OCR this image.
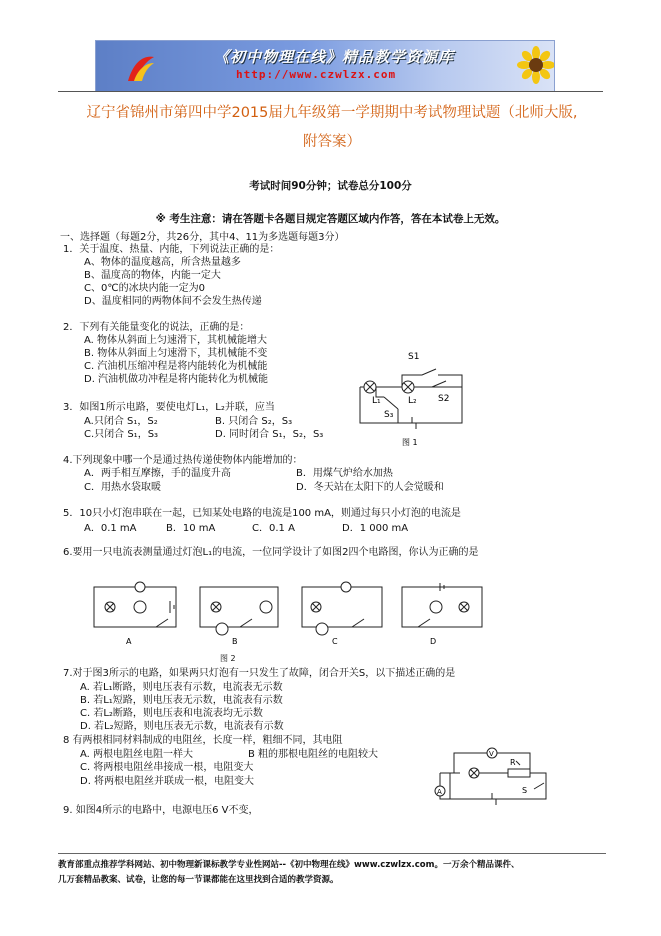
《初中物理在线》精品教学资源库
http://www.czwlzx.com
辽宁省锦州市第四中学2015届九年级第一学期期中考试物理试题（北师大版,
附答案）
考试时间90分钟；试卷总分100分
※ 考生注意：请在答题卡各题目规定答题区域内作答，答在本试卷上无效。
一、选择题（每题2分，共26分，其中4、11为多选题每题3分）
1．关于温度、热量、内能，下列说法正确的是：
A、物体的温度越高，所含热量越多
B、温度高的物体，内能一定大
C、0℃的冰块内能一定为0
D、温度相同的两物体间不会发生热传递
2．下列有关能量变化的说法，正确的是：
A. 物体从斜面上匀速滑下，其机械能增大
B. 物体从斜面上匀速滑下，其机械能不变
C. 汽油机压缩冲程是将内能转化为机械能
D. 汽油机做功冲程是将内能转化为机械能
S1
L₁	L₂
S₃
S2
图 1
3．如图1所示电路，要使电灯L₁，L₂并联，应当
A.只闭合 S₁，S₂	B. 只闭合 S₂，S₃
C.只闭合 S₁，S₃	D. 同时闭合 S₁，S₂，S₃
4.下列现象中哪一个是通过热传递使物体内能增加的：
A．两手相互摩擦，手的温度升高	B．用煤气炉给水加热
C．用热水袋取暖	D．冬天站在太阳下的人会觉暖和
5．10只小灯泡串联在一起，已知某处电路的电流是100 mA，则通过每只小灯泡的电流是
A．0.1 mA	B．10 mA	C．0.1 A	D．1 000 mA
6.要用一只电流表测量通过灯泡L₁的电流，一位同学设计了如图2四个电路图，你认为正确的是
A	B	C	D
图 2
7.对于图3所示的电路，如果两只灯泡有一只发生了故障，闭合开关S，以下描述正确的是
A. 若L₁断路，则电压表有示数，电流表无示数
B. 若L₁短路，则电压表无示数，电流表有示数
C. 若L₂断路，则电压表和电流表均无示数
D. 若L₂短路，则电压表无示数，电流表有示数
8 有两根相同材料制成的电阻丝，长度一样，粗细不同，其电阻
A. 两根电阻丝电阻一样大	B 粗的那根电阻丝的电阻较大
C. 将两根电阻丝串接成一根，电阻变大
D. 将两根电阻丝并联成一根，电阻变大
V
R
S
A
9. 如图4所示的电路中，电源电压6 V不变，
教育部重点推荐学科网站、初中物理新课标教学专业性网站--《初中物理在线》www.czwlzx.com。一万余个精品课件、
几万套精品教案、试卷，让您的每一节课都能在这里找到合适的教学资源。
